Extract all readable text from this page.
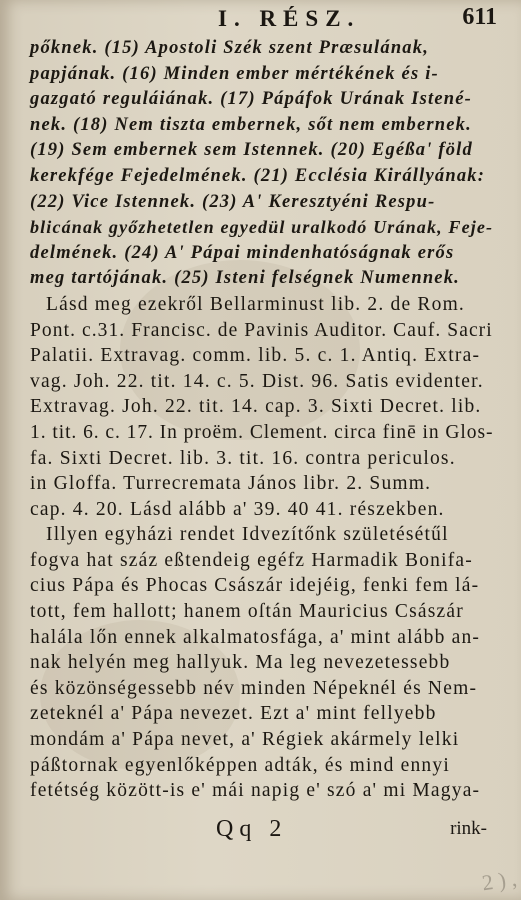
I. RÉSZ.	611
pőknek. (15) Apostoli Szék szent Præsulának,
papjának. (16) Minden ember mértékének és i-
gazgató reguláiának. (17) Pápáfok Urának Istené-
nek. (18) Nem tiszta embernek, sőt nem embernek.
(19) Sem embernek sem Istennek. (20) Egéßa' föld
kerekfége Fejedelmének. (21) Ecclésia Királlyának:
(22) Vice Istennek. (23) A' Keresztyéni Respu-
blicának győzhetetlen egyedül uralkodó Urának, Feje-
delmének. (24) A' Pápai mindenhatóságnak erős
meg tartójának. (25) Isteni felségnek Numennek.
Lásd meg ezekről Bellarminust lib. 2. de Rom.
Pont. c.31. Francisc. de Pavinis Auditor. Cauf. Sacri
Palatii. Extravag. comm. lib. 5. c. 1. Antiq. Extra-
vag. Joh. 22. tit. 14. c. 5. Dist. 96. Satis evidenter.
Extravag. Joh. 22. tit. 14. cap. 3. Sixti Decret. lib.
1. tit. 6. c. 17. In proëm. Clement. circa finē in Glos-
fa. Sixti Decret. lib. 3. tit. 16. contra periculos.
in Gloffa. Turrecremata János libr. 2. Summ.
cap. 4. 20. Lásd alább a' 39. 40 41. részekben.
Illyen egyházi rendet Idvezítőnk születésétűl
fogva hat száz eßtendeig egéfz Harmadik Bonifa-
cius Pápa és Phocas Császár idejéig, fenki fem lá-
tott, fem hallott; hanem oſtán Mauricius Császár
halála lőn ennek alkalmatosfága, a' mint alább an-
nak helyén meg hallyuk. Ma leg nevezetessebb
és közönségessebb név minden Népeknél és Nem-
zeteknél a' Pápa nevezet. Ezt a' mint fellyebb
mondám a' Pápa nevet, a' Régiek akármely lelki
páßtornak egyenlőképpen adták, és mind ennyi
fetétség között-is e' mái napig e' szó a' mi Magya-
Qq 2	rink-
2 ) ,
